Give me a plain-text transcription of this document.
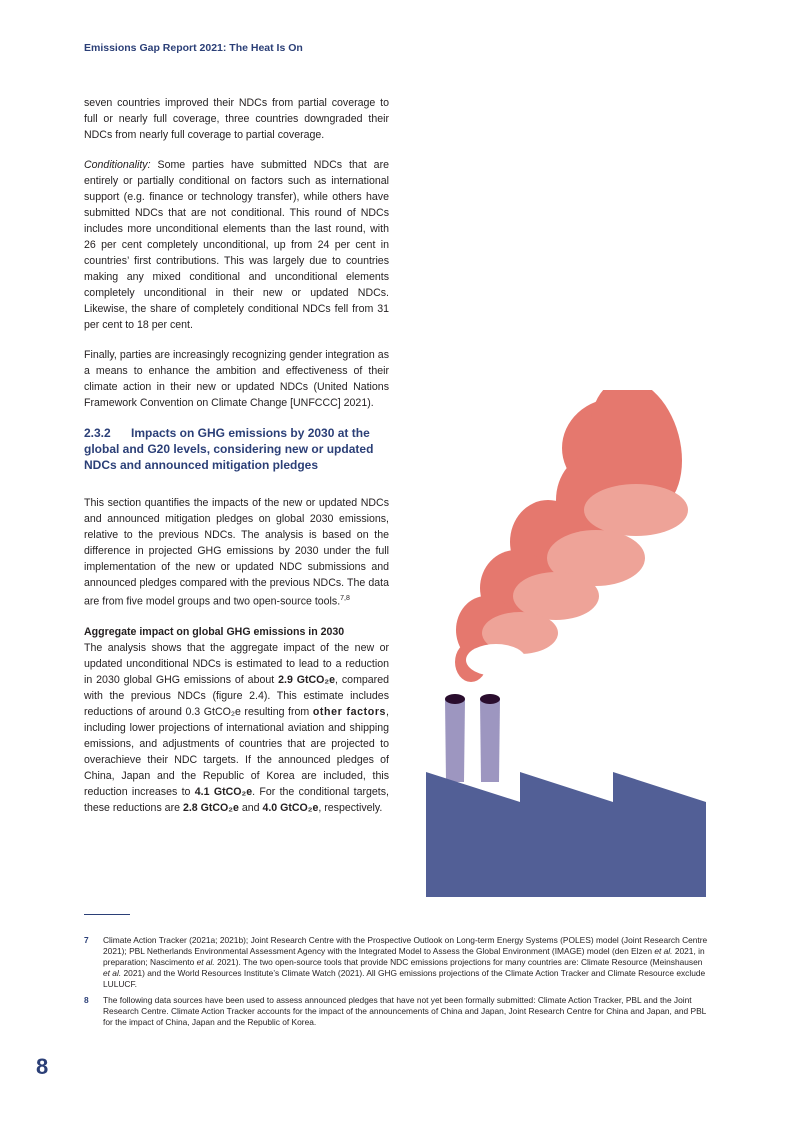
Emissions Gap Report 2021: The Heat Is On

seven countries improved their NDCs from partial coverage to full or nearly full coverage, three countries downgraded their NDCs from nearly full coverage to partial coverage.

Conditionality: Some parties have submitted NDCs that are entirely or partially conditional on factors such as international support (e.g. finance or technology transfer), while others have submitted NDCs that are not conditional. This round of NDCs includes more unconditional elements than the last round, with 26 per cent completely unconditional, up from 24 per cent in countries’ first contributions. This was largely due to countries making any mixed conditional and unconditional elements completely unconditional in their new or updated NDCs. Likewise, the share of completely conditional NDCs fell from 31 per cent to 18 per cent.

Finally, parties are increasingly recognizing gender integration as a means to enhance the ambition and effectiveness of their climate action in their new or updated NDCs (United Nations Framework Convention on Climate Change [UNFCCC] 2021).

2.3.2 Impacts on GHG emissions by 2030 at the global and G20 levels, considering new or updated NDCs and announced mitigation pledges

This section quantifies the impacts of the new or updated NDCs and announced mitigation pledges on global 2030 emissions, relative to the previous NDCs. The analysis is based on the difference in projected GHG emissions by 2030 under the full implementation of the new or updated NDC submissions and announced pledges compared with the previous NDCs. The data are from five model groups and two open-source tools.$^{7,8}$

Aggregate impact on global GHG emissions in 2030
The analysis shows that the aggregate impact of the new or updated unconditional NDCs is estimated to lead to a reduction in 2030 global GHG emissions of about 2.9 GtCO₂e, compared with the previous NDCs (figure 2.4). This estimate includes reductions of around 0.3 GtCO₂e resulting from other factors, including lower projections of international aviation and shipping emissions, and adjustments of countries that are projected to overachieve their NDC targets. If the announced pledges of China, Japan and the Republic of Korea are included, this reduction increases to 4.1 GtCO₂e. For the conditional targets, these reductions are 2.8 GtCO₂e and 4.0 GtCO₂e, respectively.

7 Climate Action Tracker (2021a; 2021b); Joint Research Centre with the Prospective Outlook on Long-term Energy Systems (POLES) model (Joint Research Centre 2021); PBL Netherlands Environmental Assessment Agency with the Integrated Model to Assess the Global Environment (IMAGE) model (den Elzen et al. 2021, in preparation; Nascimento et al. 2021). The two open-source tools that provide NDC emissions projections for many countries are: Climate Resource (Meinshausen et al. 2021) and the World Resources Institute’s Climate Watch (2021). All GHG emissions projections of the Climate Action Tracker and Climate Resource exclude LULUCF.
8 The following data sources have been used to assess announced pledges that have not yet been formally submitted: Climate Action Tracker, PBL and the Joint Research Centre. Climate Action Tracker accounts for the impact of the announcements of China and Japan, Joint Research Centre for China and Japan, and PBL for the impact of China, Japan and the Republic of Korea.
8
